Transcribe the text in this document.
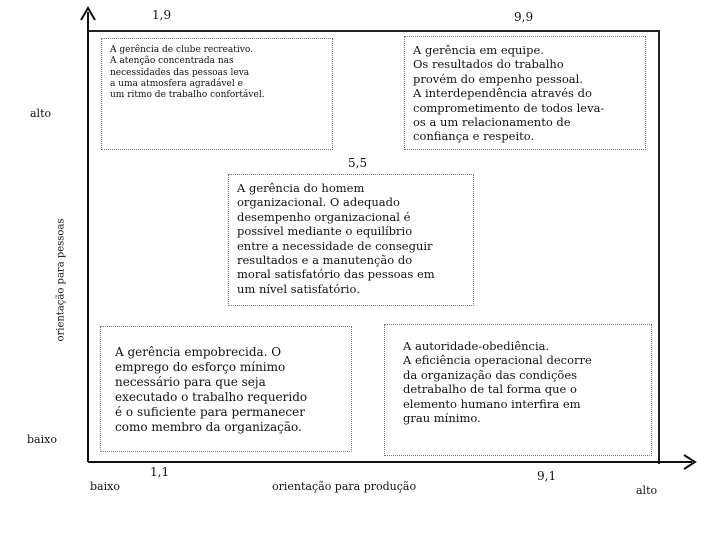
1,9	9,9
5,5
1,1	9,1
alto
baixo
baixo	orientação para produção	alto
orientação para pessoas
A gerência de clube recreativo.
A atenção concentrada nas
necessidades das pessoas leva
a uma atmosfera agradável e
um ritmo de trabalho confortável.
A gerência em equipe.
Os resultados do trabalho
provém do empenho pessoal.
A interdependência através do
comprometimento de todos leva-
os a um relacionamento de
confiança e respeito.
A gerência do homem
organizacional. O adequado
desempenho organizacional é
possível mediante o equilíbrio
entre a necessidade de conseguir
resultados e a manutenção do
moral satisfatório das pessoas em
um nível satisfatório.
A gerência empobrecida. O
emprego do esforço mínimo
necessário para que seja
executado o trabalho requerido
é o suficiente para permanecer
como membro da organização.
A autoridade-obediência.
A eficiência operacional decorre
da organização das condições
detrabalho de tal forma que o
elemento humano interfira em
grau mínimo.
